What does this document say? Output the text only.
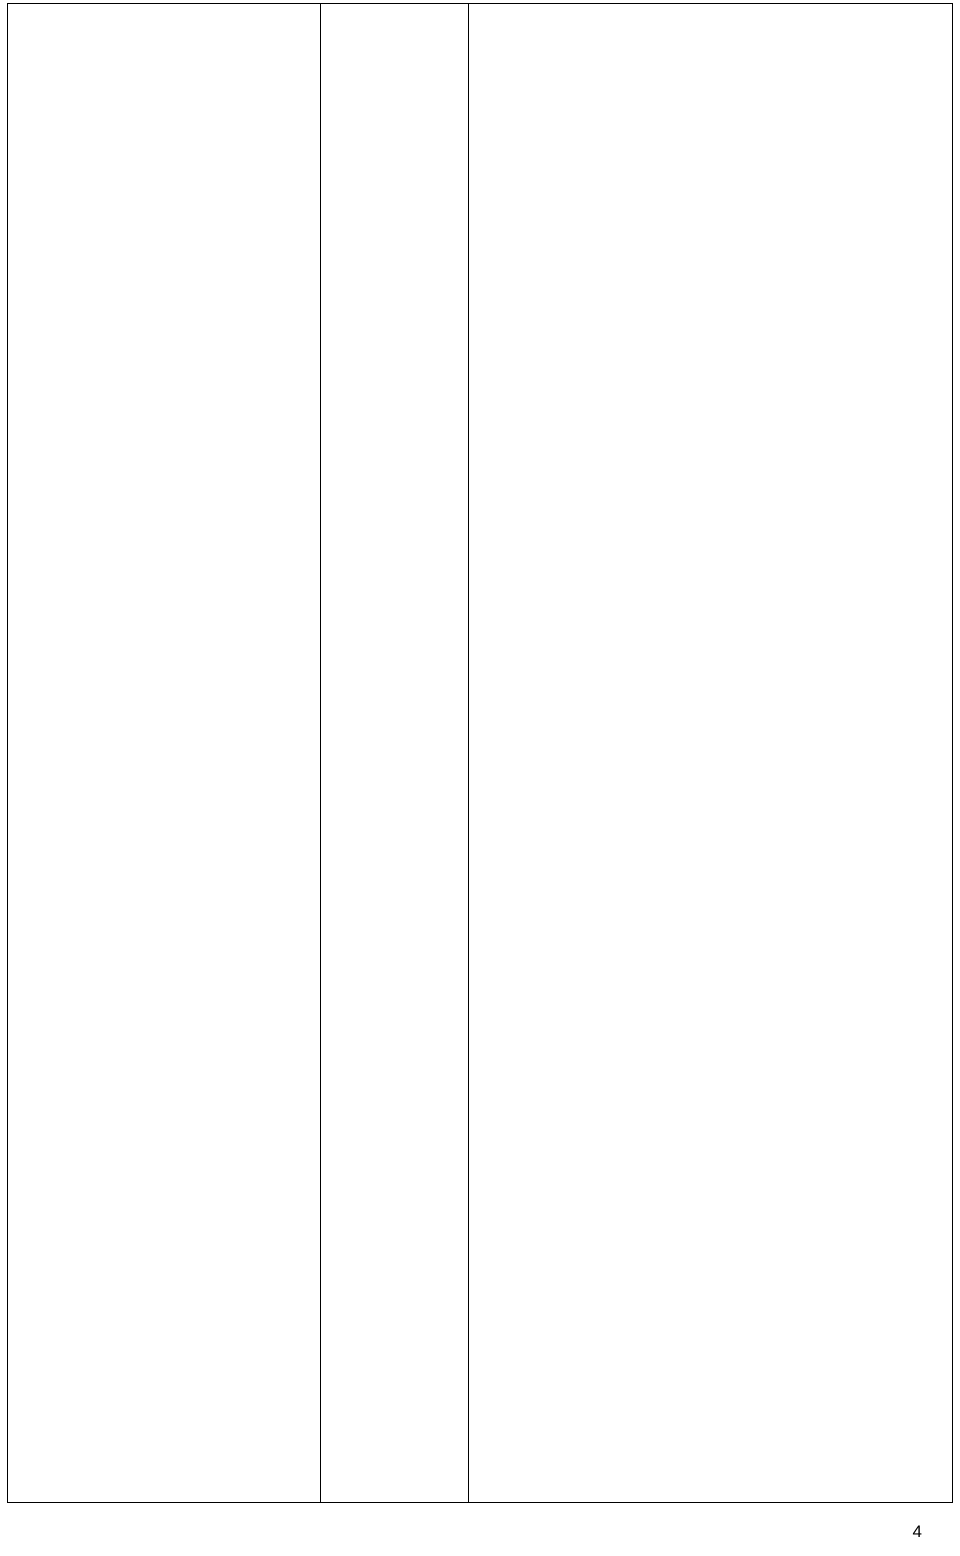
4
